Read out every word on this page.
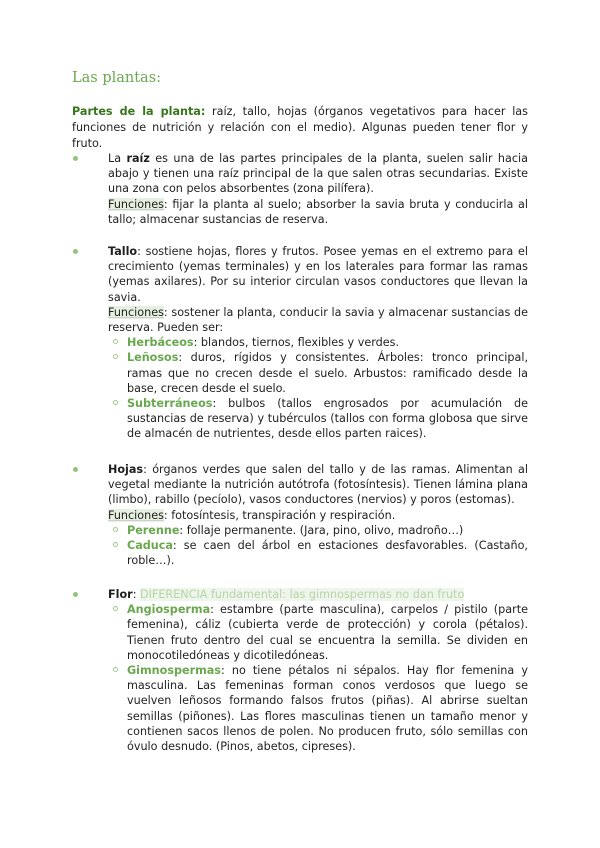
Las plantas:

Partes de la planta: raíz, tallo, hojas (órganos vegetativos para hacer las funciones de nutrición y relación con el medio). Algunas pueden tener flor y fruto.

La raíz es una de las partes principales de la planta, suelen salir hacia abajo y tienen una raíz principal de la que salen otras secundarias. Existe una zona con pelos absorbentes (zona pilífera).
Funciones: fijar la planta al suelo; absorber la savia bruta y conducirla al tallo; almacenar sustancias de reserva.
Tallo: sostiene hojas, flores y frutos. Posee yemas en el extremo para el crecimiento (yemas terminales) y en los laterales para formar las ramas (yemas axilares). Por su interior circulan vasos conductores que llevan la savia.
Funciones: sostener la planta, conducir la savia y almacenar sustancias de reserva. Pueden ser:
Herbáceos: blandos, tiernos, flexibles y verdes.
Leñosos: duros, rígidos y consistentes. Árboles: tronco principal, ramas que no crecen desde el suelo. Arbustos: ramificado desde la base, crecen desde el suelo.
Subterráneos: bulbos (tallos engrosados por acumulación de sustancias de reserva) y tubérculos (tallos con forma globosa que sirve de almacén de nutrientes, desde ellos parten raices).
Hojas: órganos verdes que salen del tallo y de las ramas. Alimentan al vegetal mediante la nutrición autótrofa (fotosíntesis). Tienen lámina plana (limbo), rabillo (pecíolo), vasos conductores (nervios) y poros (estomas).
Funciones: fotosíntesis, transpiración y respiración.
Perenne: follaje permanente. (Jara, pino, olivo, madroño…)
Caduca: se caen del árbol en estaciones desfavorables. (Castaño, roble…).
Flor: DIFERENCIA fundamental: las gimnospermas no dan fruto
Angiosperma: estambre (parte masculina), carpelos / pistilo (parte femenina), cáliz (cubierta verde de protección) y corola (pétalos). Tienen fruto dentro del cual se encuentra la semilla. Se dividen en monocotiledóneas y dicotiledóneas.
Gimnospermas: no tiene pétalos ni sépalos. Hay flor femenina y masculina. Las femeninas forman conos verdosos que luego se vuelven leñosos formando falsos frutos (piñas). Al abrirse sueltan semillas (piñones). Las flores masculinas tienen un tamaño menor y contienen sacos llenos de polen. No producen fruto, sólo semillas con óvulo desnudo. (Pinos, abetos, cipreses).
